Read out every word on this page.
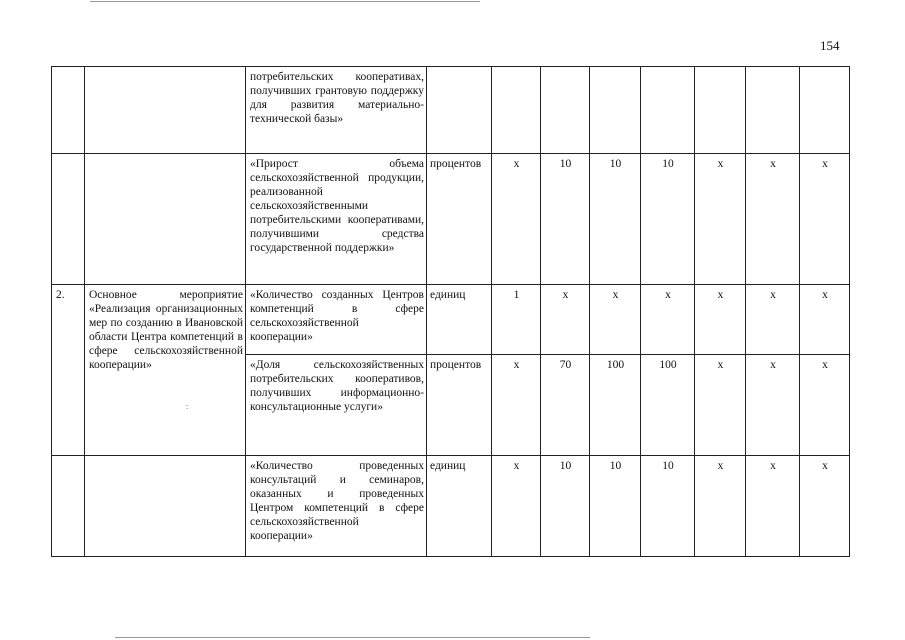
154
		потребительских кооперативах, получивших грантовую поддержку для развития материально-технической базы»								
		«Прирост объема сельскохозяйственной продукции, реализованной сельскохозяйственными потребительскими кооперативами, получившими средства государственной поддержки»	процентов	х	10	10	10	х	х	х
2.	Основное мероприятие «Реализация организационных мер по созданию в Ивановской области Центра компетенций в сфере сельскохозяйственной кооперации»	«Количество созданных Центров компетенций в сфере сельскохозяйственной кооперации»	единиц	1	х	х	х	х	х	х
		«Доля сельскохозяйственных потребительских кооперативов, получивших информационно-консультационные услуги»	процентов	х	70	100	100	х	х	х
		«Количество проведенных консультаций и семинаров, оказанных и проведенных Центром компетенций в сфере сельскохозяйственной кооперации»	единиц	х	10	10	10	х	х	х
:
